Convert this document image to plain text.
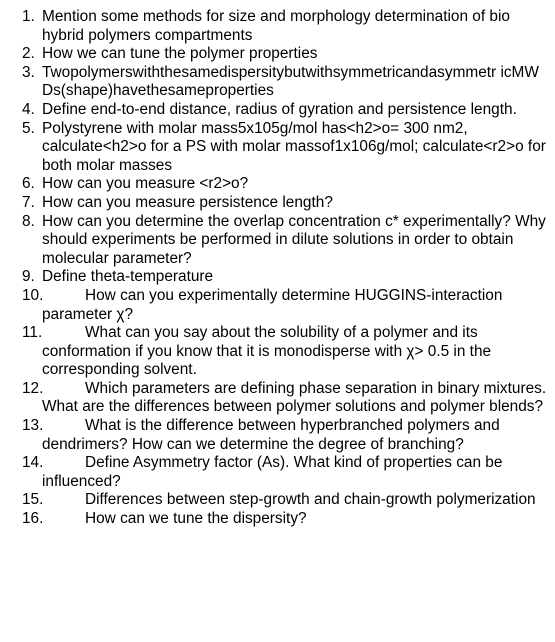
1. Mention some methods for size and morphology determination of bio hybrid polymers compartments
2. How we can tune the polymer properties
3. Twopolymerswiththesamedispersitybutwithsymmetricandasymmetr icMWDs(shape)havethesameproperties
4. Define end-to-end distance, radius of gyration and persistence length.
5. Polystyrene with molar mass5x105g/mol has<h2>o= 300 nm2, calculate<h2>o for a PS with molar massof1x106g/mol; calculate<r2>o for both molar masses
6. How can you measure <r2>o?
7. How can you measure persistence length?
8. How can you determine the overlap concentration c* experimentally? Why should experiments be performed in dilute solutions in order to obtain molecular parameter?
9. Define theta-temperature
10.	How can you experimentally determine HUGGINS-interaction parameter χ?
11.	What can you say about the solubility of a polymer and its conformation if you know that it is monodisperse with χ> 0.5 in the corresponding solvent.
12.	Which parameters are defining phase separation in binary mixtures. What are the differences between polymer solutions and polymer blends?
13.	What is the difference between hyperbranched polymers and dendrimers? How can we determine the degree of branching?
14.	Define Asymmetry factor (As). What kind of properties can be influenced?
15.	Differences between step-growth and chain-growth polymerization
16.	How can we tune the dispersity?
